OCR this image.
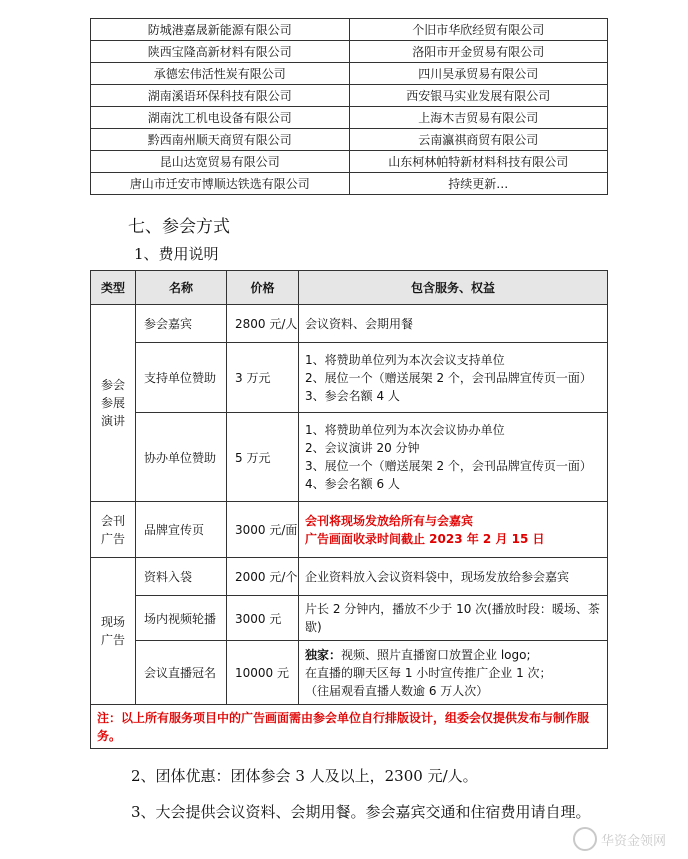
防城港嘉晟新能源有限公司	个旧市华欣经贸有限公司
陕西宝隆高新材料有限公司	洛阳市开金贸易有限公司
承德宏伟活性炭有限公司	四川昊承贸易有限公司
湖南溪语环保科技有限公司	西安银马实业发展有限公司
湖南沈工机电设备有限公司	上海木吉贸易有限公司
黔西南州顺天商贸有限公司	云南瀛祺商贸有限公司
昆山达宽贸易有限公司	山东柯林帕特新材料科技有限公司
唐山市迁安市博顺达铁选有限公司	持续更新…
七、参会方式
1、费用说明
类型	名称	价格	包含服务、权益

参会参展演讲	参会嘉宾	2800 元/人	会议资料、会期用餐

	支持单位赞助	3 万元	1、将赞助单位列为本次会议支持单位
2、展位一个（赠送展架 2 个，会刊品牌宣传页一面）
3、参会名额 4 人

	协办单位赞助	5 万元	1、将赞助单位列为本次会议协办单位
2、会议演讲 20 分钟
3、展位一个（赠送展架 2 个，会刊品牌宣传页一面）
4、参会名额 6 人

会刊广告	品牌宣传页	3000 元/面	会刊将现场发放给所有与会嘉宾
广告画面收录时间截止 2023 年 2 月 15 日

现场广告	资料入袋	2000 元/个	企业资料放入会议资料袋中，现场发放给参会嘉宾

	场内视频轮播	3000 元	片长 2 分钟内，播放不少于 10 次(播放时段：暖场、茶歇)

	会议直播冠名	10000 元	独家：视频、照片直播窗口放置企业 logo;
在直播的聊天区每 1 小时宣传推广企业 1 次；
（往届观看直播人数逾 6 万人次）

注：以上所有服务项目中的广告画面需由参会单位自行排版设计，组委会仅提供发布与制作服务。			
2、团体优惠：团体参会 3 人及以上，2300 元/人。
3、大会提供会议资料、会期用餐。参会嘉宾交通和住宿费用请自理。
华资金领网
